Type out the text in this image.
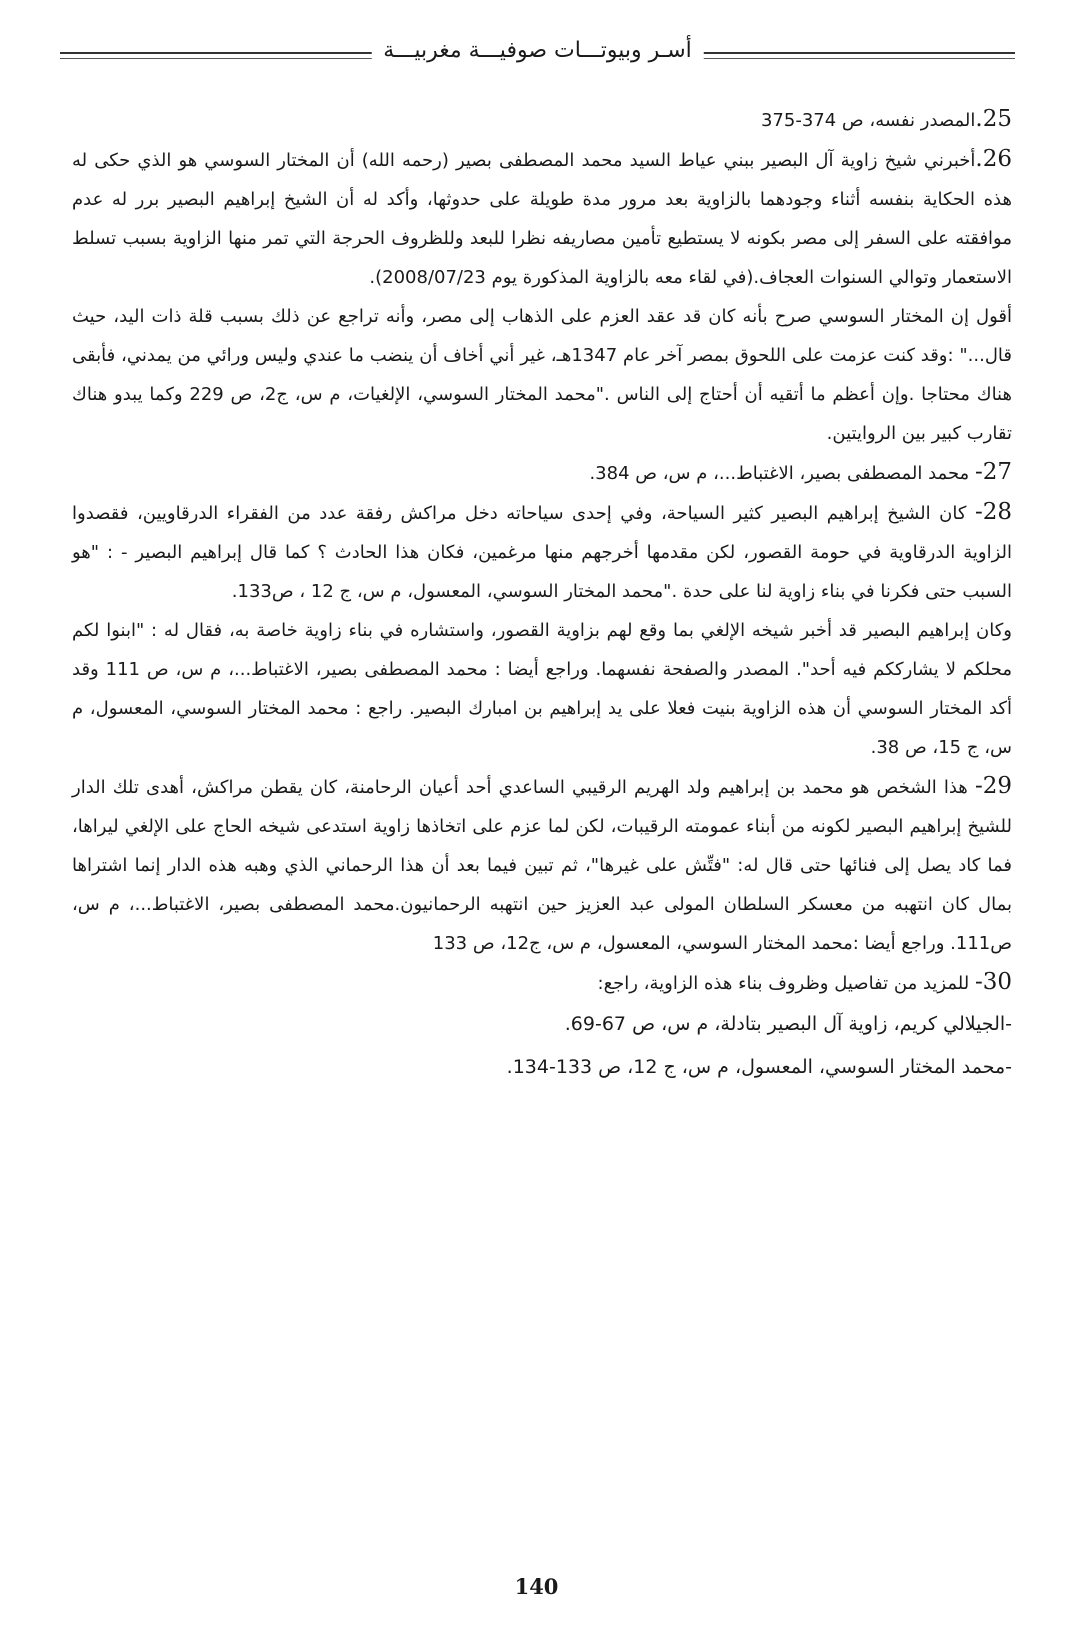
أسـر وبيوتـــات صوفيـــة مغربيـــة

25.المصدر نفسه، ص 374-375

26.أخبرني شيخ زاوية آل البصير ببني عياط السيد محمد المصطفى بصير (رحمه الله) أن المختار السوسي هو الذي حكى له هذه الحكاية بنفسه أثناء وجودهما بالزاوية بعد مرور مدة طويلة على حدوثها، وأكد له أن الشيخ إبراهيم البصير برر له عدم موافقته على السفر إلى مصر بكونه لا يستطيع تأمين مصاريفه نظرا للبعد وللظروف الحرجة التي تمر منها الزاوية بسبب تسلط الاستعمار وتوالي السنوات العجاف.(في لقاء معه بالزاوية المذكورة يوم 2008/07/23).

أقول إن المختار السوسي صرح بأنه كان قد عقد العزم على الذهاب إلى مصر، وأنه تراجع عن ذلك بسبب قلة ذات اليد، حيث قال..." :وقد كنت عزمت على اللحوق بمصر آخر عام 1347هـ، غير أني أخاف أن ينضب ما عندي وليس ورائي من يمدني، فأبقى هناك محتاجا .وإن أعظم ما أتقيه أن أحتاج إلى الناس ."محمد المختار السوسي، الإلغيات، م س، ج2، ص 229 وكما يبدو هناك تقارب كبير بين الروايتين.

27- محمد المصطفى بصير، الاغتباط...، م س، ص 384.

28- كان الشيخ إبراهيم البصير كثير السياحة، وفي إحدى سياحاته دخل مراكش رفقة عدد من الفقراء الدرقاويين، فقصدوا الزاوية الدرقاوية في حومة القصور، لكن مقدمها أخرجهم منها مرغمين، فكان هذا الحادث ؟ كما قال إبراهيم البصير - : "هو السبب حتى فكرنا في بناء زاوية لنا على حدة ."محمد المختار السوسي، المعسول، م س، ج 12 ، ص133.

وكان إبراهيم البصير قد أخبر شيخه الإلغي بما وقع لهم بزاوية القصور، واستشاره في بناء زاوية خاصة به، فقال له : "ابنوا لكم محلكم لا يشارككم فيه أحد". المصدر والصفحة نفسهما. وراجع أيضا : محمد المصطفى بصير، الاغتباط...، م س، ص 111 وقد أكد المختار السوسي أن هذه الزاوية بنيت فعلا على يد إبراهيم بن امبارك البصير. راجع : محمد المختار السوسي، المعسول، م س، ج 15، ص 38.

29- هذا الشخص هو محمد بن إبراهيم ولد الهريم الرقيبي الساعدي أحد أعيان الرحامنة، كان يقطن مراكش، أهدى تلك الدار للشيخ إبراهيم البصير لكونه من أبناء عمومته الرقيبات، لكن لما عزم على اتخاذها زاوية استدعى شيخه الحاج على الإلغي ليراها، فما كاد يصل إلى فنائها حتى قال له: "فتِّش على غيرها"، ثم تبين فيما بعد أن هذا الرحماني الذي وهبه هذه الدار إنما اشتراها بمال كان انتهبه من معسكر السلطان المولى عبد العزيز حين انتهبه الرحمانيون.محمد المصطفى بصير، الاغتباط...، م س، ص111. وراجع أيضا :محمد المختار السوسي، المعسول، م س، ج12، ص 133

30- للمزيد من تفاصيل وظروف بناء هذه الزاوية، راجع:

-الجيلالي كريم، زاوية آل البصير بتادلة، م س، ص 67-69.

-محمد المختار السوسي، المعسول، م س، ج 12، ص 133-134.

140
